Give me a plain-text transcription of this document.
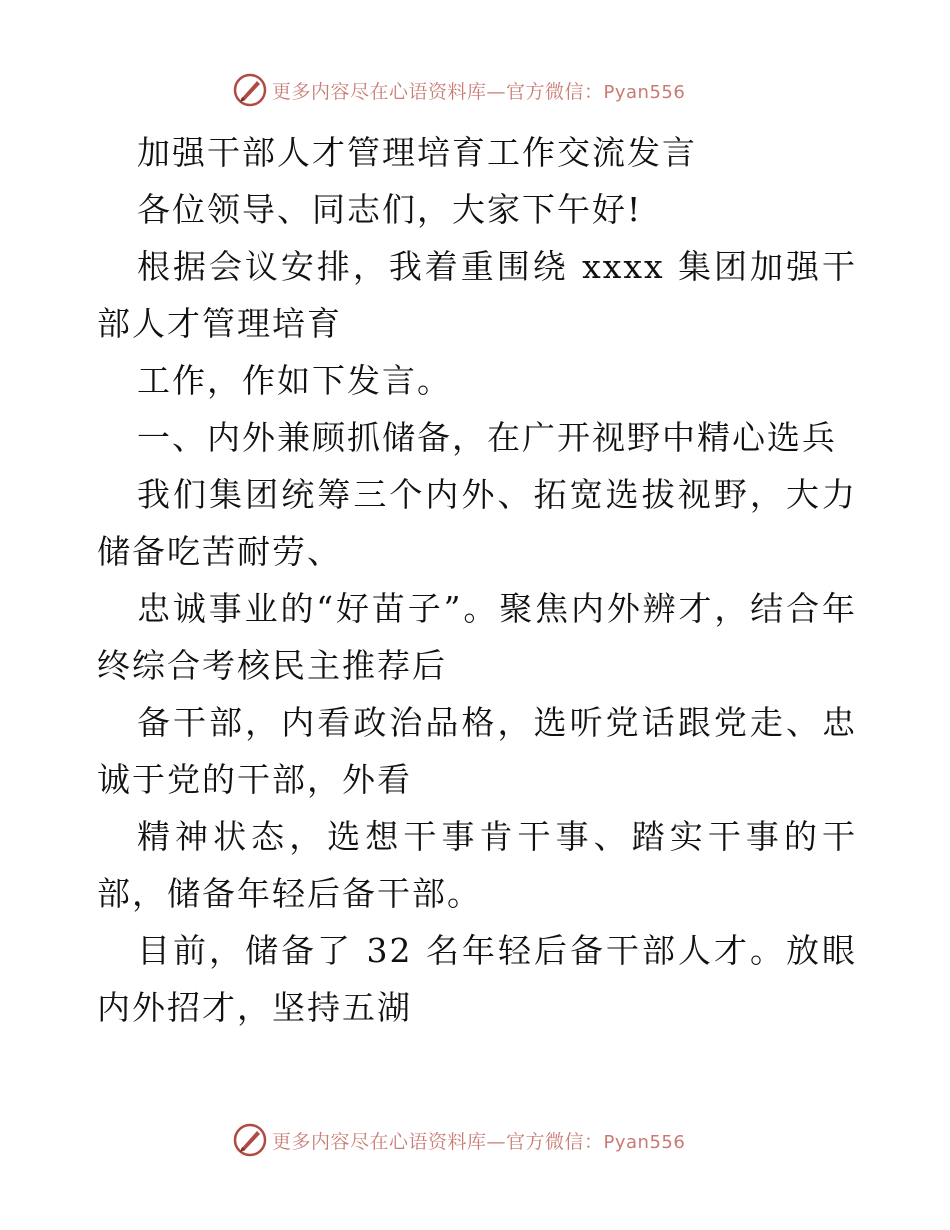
更多内容尽在心语资料库—官方微信：Pyan556

加强干部人才管理培育工作交流发言

各位领导、同志们，大家下午好!

根据会议安排，我着重围绕 xxxx 集团加强干部人才管理培育

工作，作如下发言。

一、内外兼顾抓储备，在广开视野中精心选兵

我们集团统筹三个内外、拓宽选拔视野，大力储备吃苦耐劳、

忠诚事业的“好苗子”。聚焦内外辨才，结合年终综合考核民主推荐后

备干部，内看政治品格，选听党话跟党走、忠诚于党的干部，外看

精神状态，选想干事肯干事、踏实干事的干部，储备年轻后备干部。

目前，储备了 32 名年轻后备干部人才。放眼内外招才，坚持五湖

更多内容尽在心语资料库—官方微信：Pyan556
